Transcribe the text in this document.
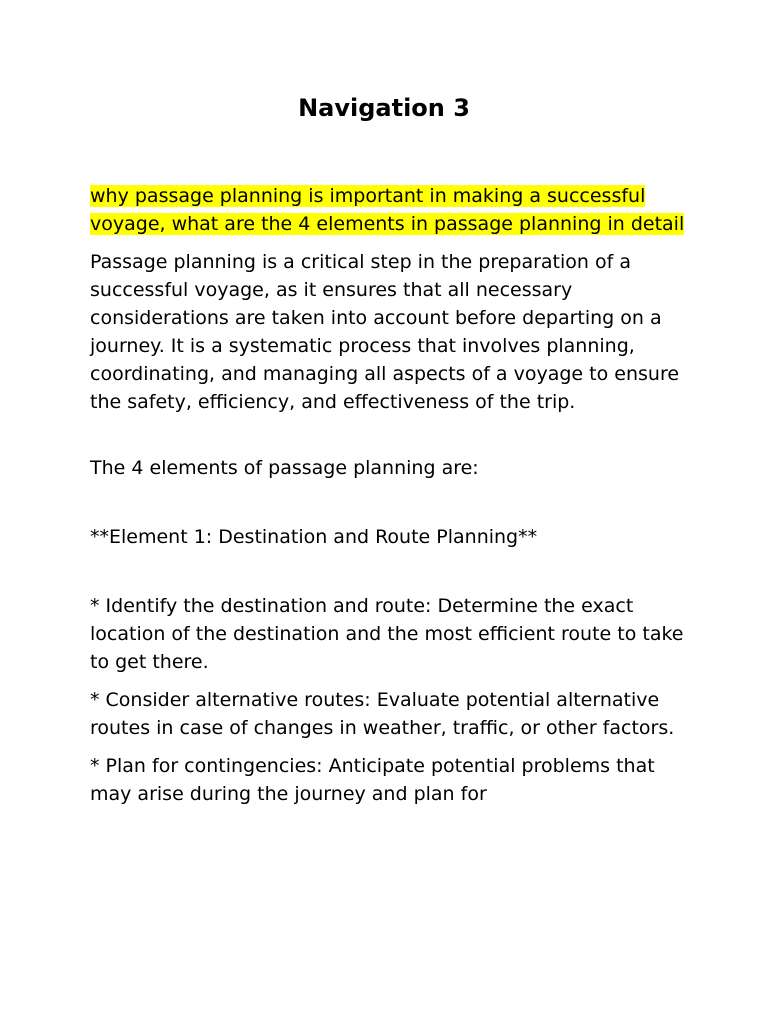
Navigation 3

why passage planning is important in making a successful voyage, what are the 4 elements in passage planning in detail

Passage planning is a critical step in the preparation of a successful voyage, as it ensures that all necessary considerations are taken into account before departing on a journey. It is a systematic process that involves planning, coordinating, and managing all aspects of a voyage to ensure the safety, efficiency, and effectiveness of the trip.

The 4 elements of passage planning are:

**Element 1: Destination and Route Planning**

* Identify the destination and route: Determine the exact location of the destination and the most efficient route to take to get there.

* Consider alternative routes: Evaluate potential alternative routes in case of changes in weather, traffic, or other factors.

* Plan for contingencies: Anticipate potential problems that may arise during the journey and plan for
